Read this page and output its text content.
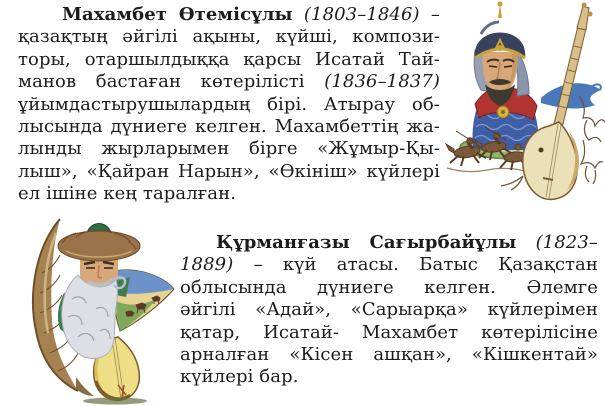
Махамбет Өтемісұлы (1803–1846) –
қазақтың әйгілі ақыны, күйші, компози-
торы, отаршылдыққа қарсы Исатай Тай-
манов бастаған көтерілісті (1836–1837)
ұйымдастырушылардың бірі. Атырау об-
лысында дүниеге келген. Махамбеттің жа-
лынды жырларымен бірге «Жұмыр-Қы-
лыш», «Қайран Нарын», «Өкініш» күйлері
ел ішіне кең таралған.
Құрманғазы Сағырбайұлы (1823–
1889) – күй атасы. Батыс Қазақстан
облысында дүниеге келген. Әлемге
әйгілі «Адай», «Сарыарқа» күйлерімен
қатар, Исатай- Махамбет көтерілісіне
арналған «Кісен ашқан», «Кішкентай»
күйлері бар.
